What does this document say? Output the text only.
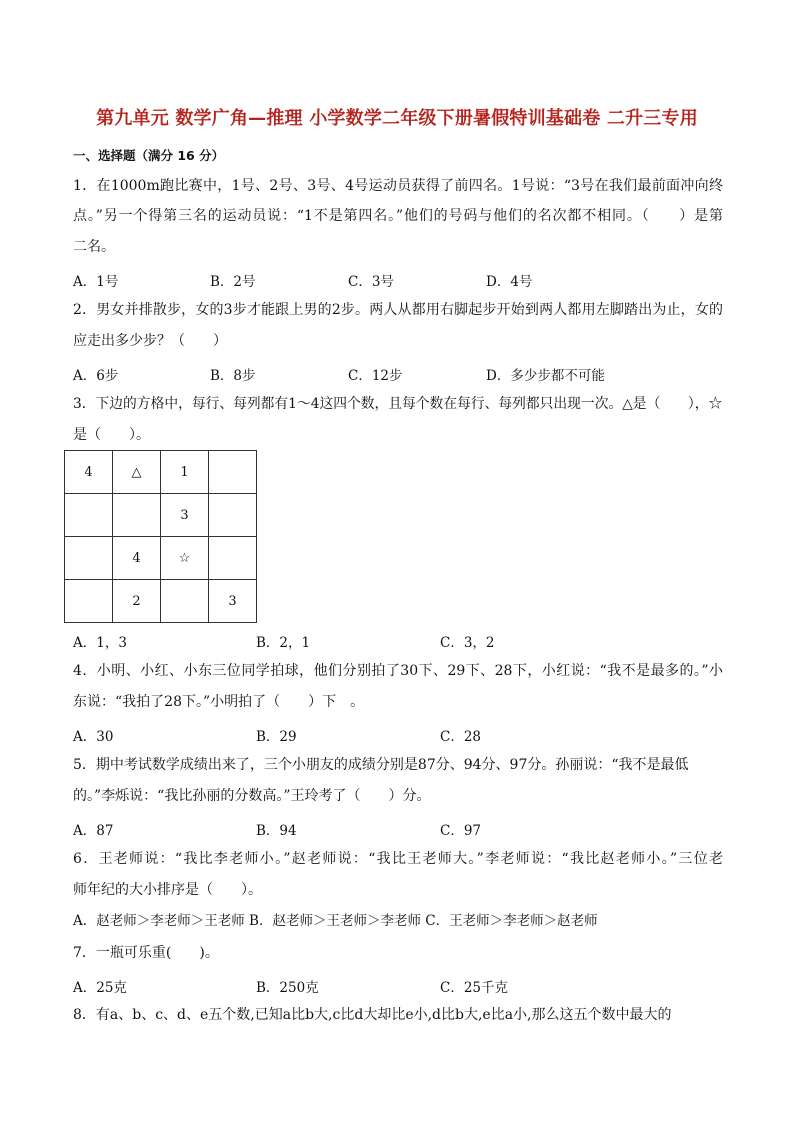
第九单元 数学广角—推理 小学数学二年级下册暑假特训基础卷 二升三专用
一、选择题（满分 16 分）
1．在1000m跑比赛中，1号、2号、3号、4号运动员获得了前四名。1号说：“3号在我们最前面冲向终
点。”另一个得第三名的运动员说：“1不是第四名。”他们的号码与他们的名次都不相同。（　　）是第
二名。
A．1号	B．2号	C．3号	D．4号
2．男女并排散步，女的3步才能跟上男的2步。两人从都用右脚起步开始到两人都用左脚踏出为止，女的
应走出多少步？（　　）
A．6步	B．8步	C．12步	D．多少步都不可能
3．下边的方格中，每行、每列都有1～4这四个数，且每个数在每行、每列都只出现一次。△是（　　），☆
是（　　）。
4	△	1	
		3	
	4	☆	
	2		3
A．1，3	B．2，1	C．3，2
4．小明、小红、小东三位同学拍球，他们分别拍了30下、29下、28下，小红说：“我不是最多的。”小
东说：“我拍了28下。”小明拍了（　　）下　。
A．30	B．29	C．28
5．期中考试数学成绩出来了，三个小朋友的成绩分别是87分、94分、97分。孙丽说：“我不是最低
的。”李烁说：“我比孙丽的分数高。”王玲考了（　　）分。
A．87	B．94	C．97
6．王老师说：“我比李老师小。”赵老师说：“我比王老师大。”李老师说：“我比赵老师小。”三位老
师年纪的大小排序是（　　）。
A．赵老师＞李老师＞王老师 B．赵老师＞王老师＞李老师 C．王老师＞李老师＞赵老师
7．一瓶可乐重(　　)。
A．25克	B．250克	C．25千克
8．有a、b、c、d、e五个数,已知a比b大,c比d大却比e小,d比b大,e比a小,那么这五个数中最大的
